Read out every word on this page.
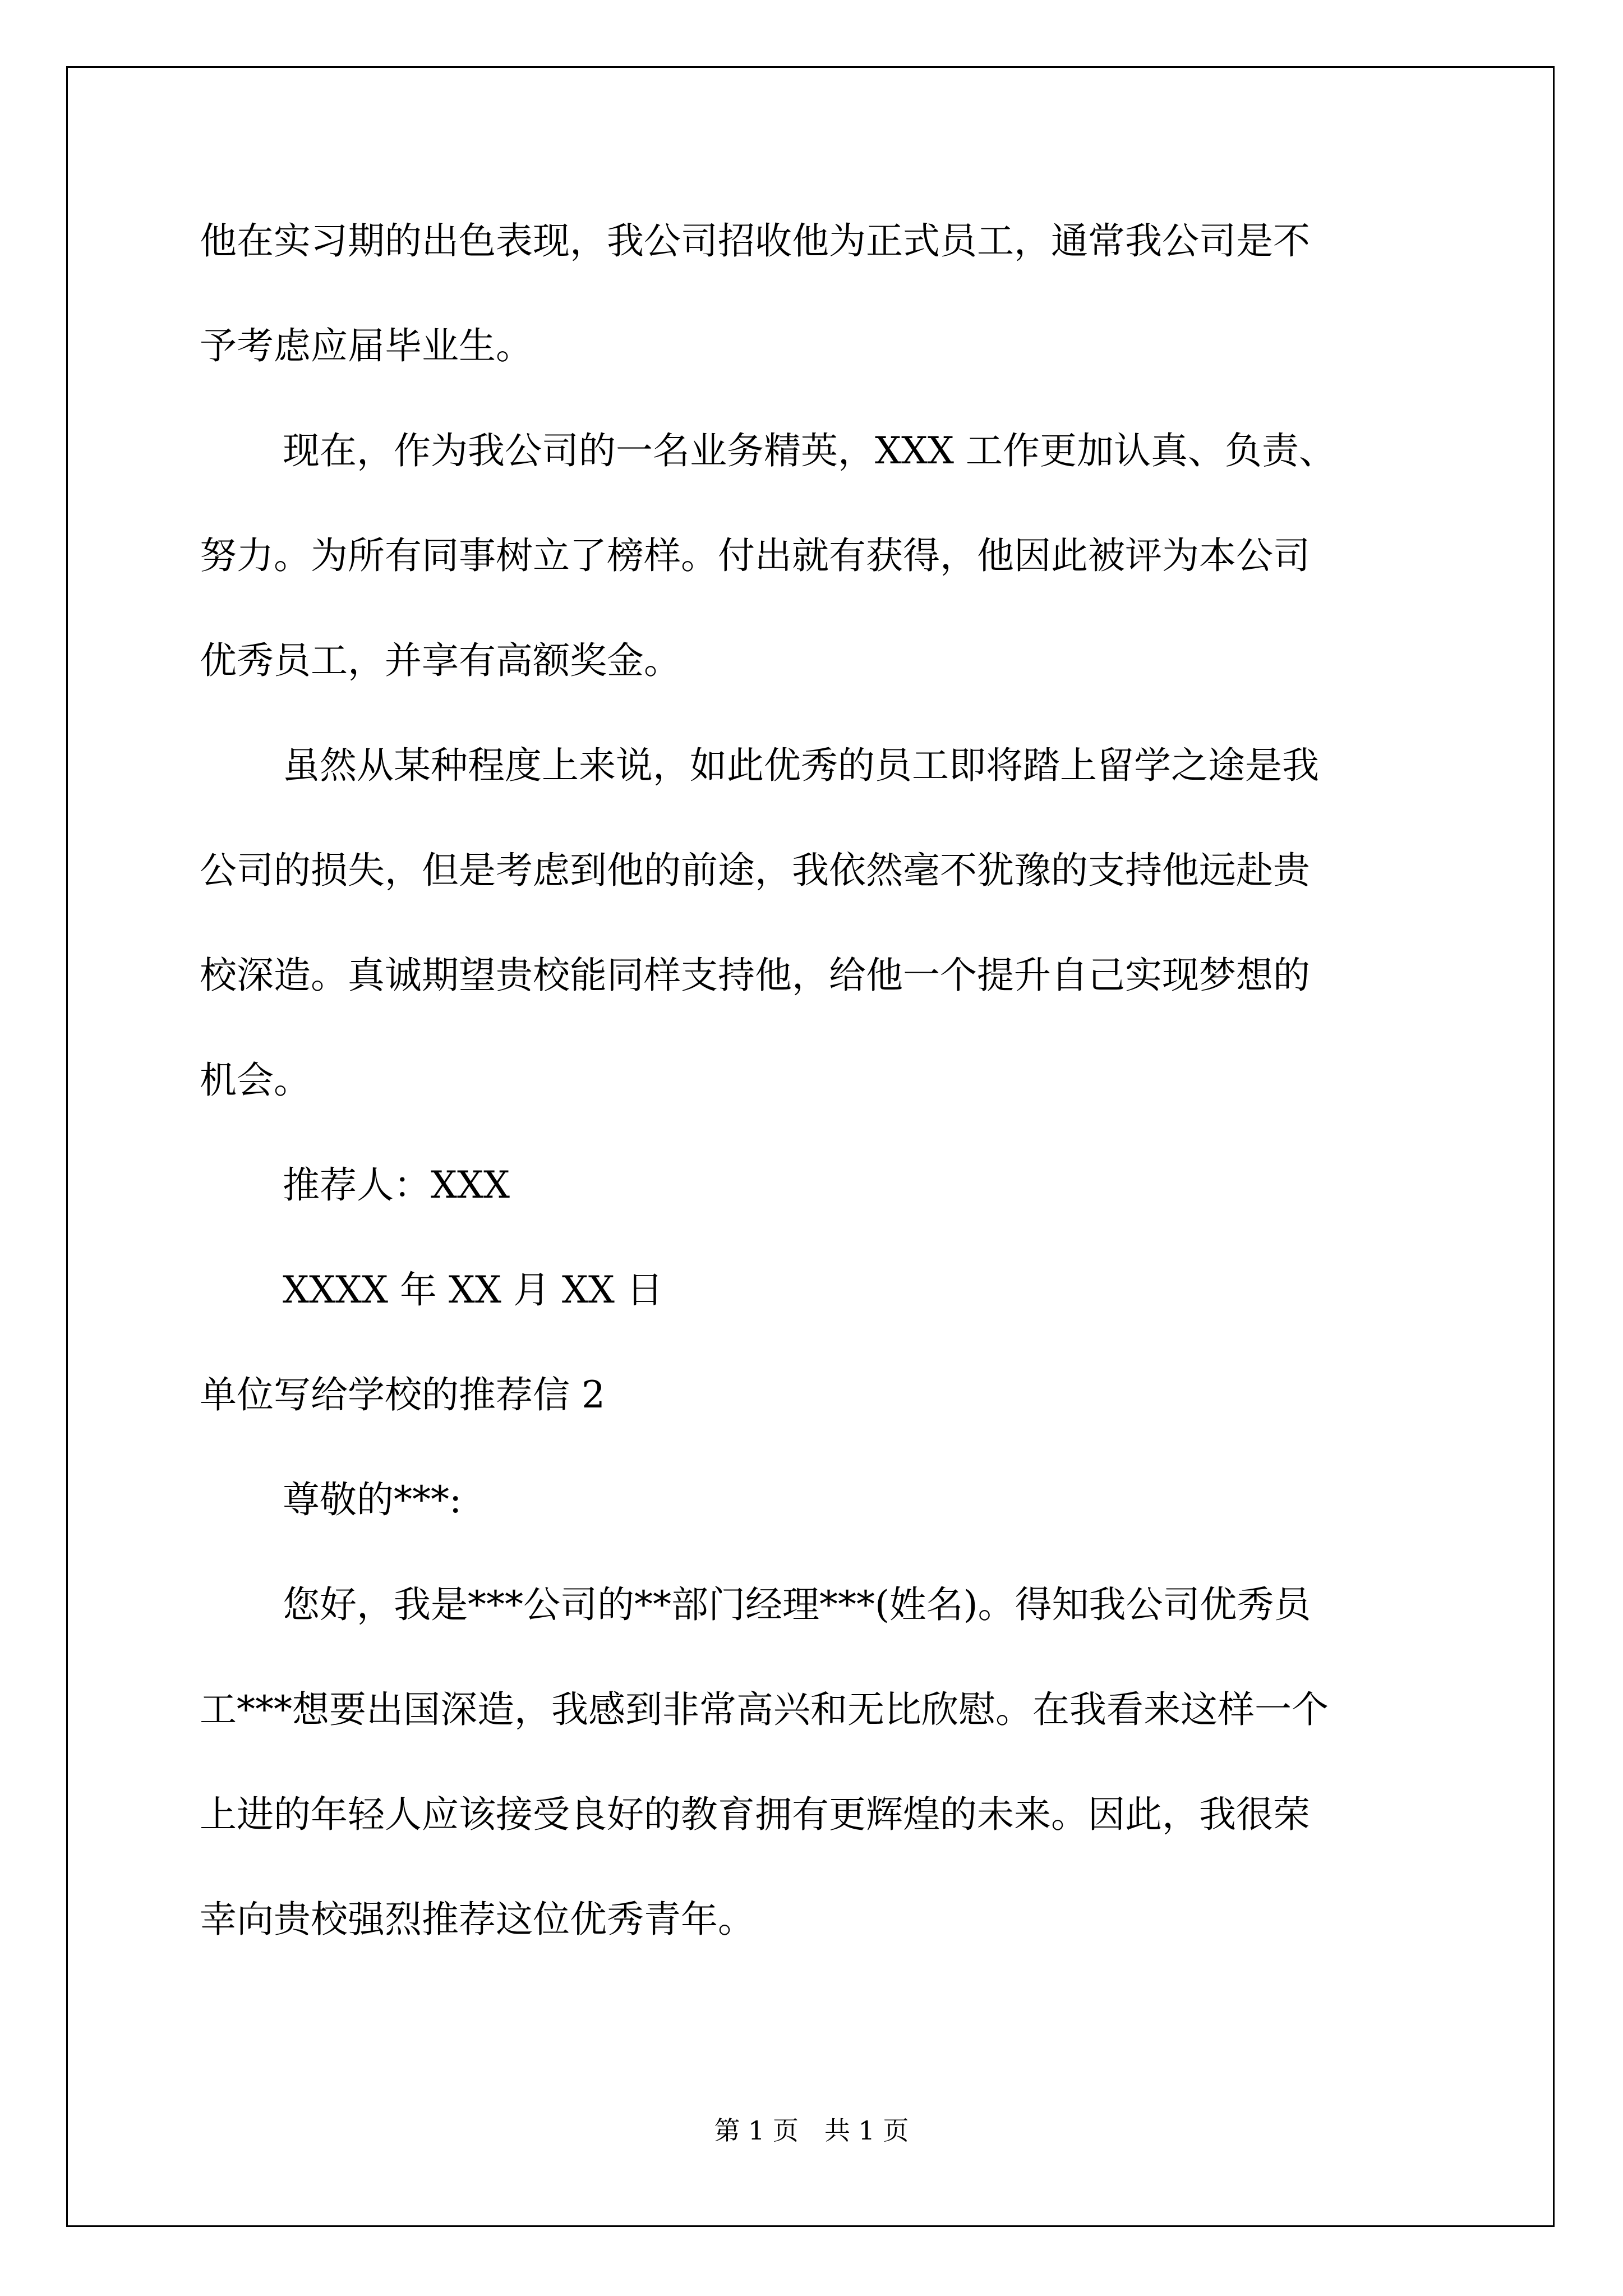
他在实习期的出色表现，我公司招收他为正式员工，通常我公司是不

予考虑应届毕业生。

现在，作为我公司的一名业务精英，XXX 工作更加认真、负责、

努力。为所有同事树立了榜样。付出就有获得，他因此被评为本公司

优秀员工，并享有高额奖金。

虽然从某种程度上来说，如此优秀的员工即将踏上留学之途是我

公司的损失，但是考虑到他的前途，我依然毫不犹豫的支持他远赴贵

校深造。真诚期望贵校能同样支持他，给他一个提升自己实现梦想的

机会。

推荐人：XXX

XXXX 年 XX 月 XX 日

单位写给学校的推荐信 2

尊敬的***:

您好，我是***公司的**部门经理***(姓名)。得知我公司优秀员

工***想要出国深造，我感到非常高兴和无比欣慰。在我看来这样一个

上进的年轻人应该接受良好的教育拥有更辉煌的未来。因此，我很荣

幸向贵校强烈推荐这位优秀青年。

第 1 页　共 1 页
